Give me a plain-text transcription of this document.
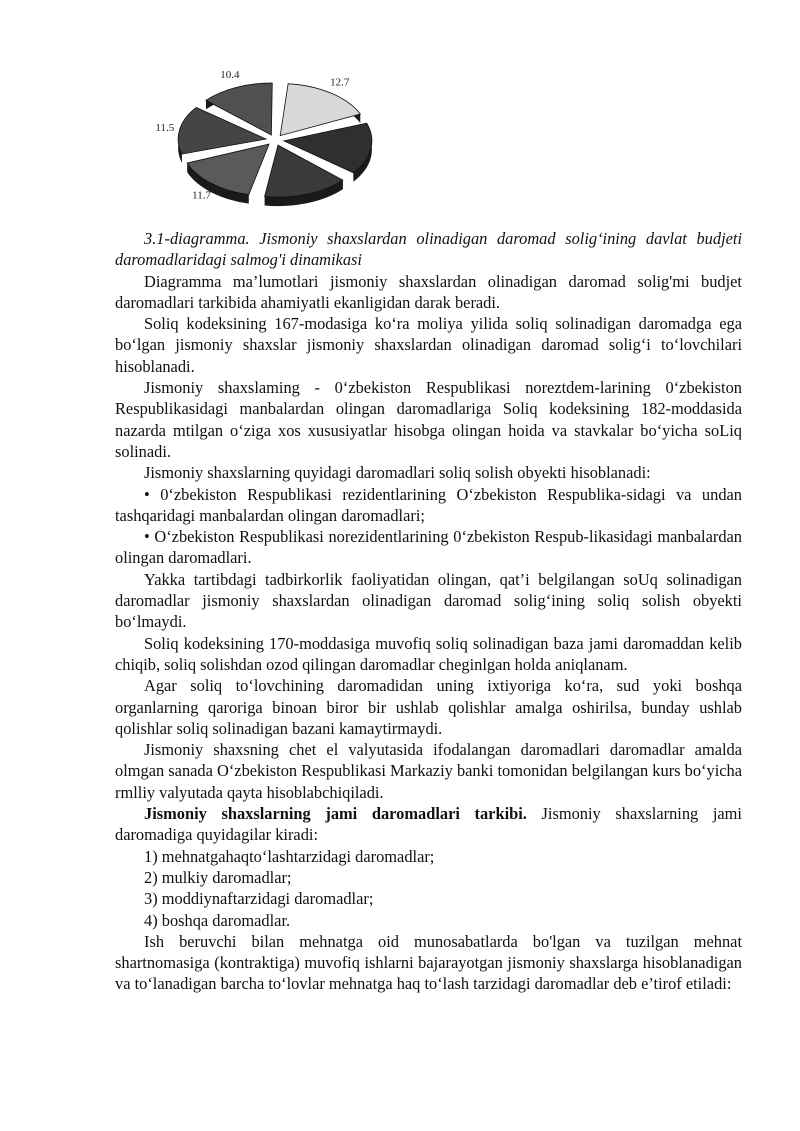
12.7
11.7
11.5
10.4

3.1-diagramma. Jismoniy shaxslardan olinadigan daromad solig‘ining davlat budjeti daromadlaridagi salmog'i dinamikasi

Diagramma ma’lumotlari jismoniy shaxslardan olinadigan daromad solig'mi budjet daromadlari tarkibida ahamiyatli ekanligidan darak beradi.

Soliq kodeksining 167-modasiga ko‘ra moliya yilida soliq solinadigan daromadga ega bo‘lgan jismoniy shaxslar jismoniy shaxslardan olinadigan daromad solig‘i to‘lovchilari hisoblanadi.

Jismoniy shaxslaming - 0‘zbekiston Respublikasi noreztdem-larining 0‘zbekiston Respublikasidagi manbalardan olingan daromadlariga Soliq kodeksining 182-moddasida nazarda mtilgan o‘ziga xos xususiyatlar hisobga olingan hoida va stavkalar bo‘yicha soLiq solinadi.

Jismoniy shaxslarning quyidagi daromadlari soliq solish obyekti hisoblanadi:

• 0‘zbekiston Respublikasi rezidentlarining O‘zbekiston Respublika-sidagi va undan tashqaridagi manbalardan olingan daromadlari;

• O‘zbekiston Respublikasi norezidentlarining 0‘zbekiston Respub-likasidagi manbalardan olingan daromadlari.

Yakka tartibdagi tadbirkorlik faoliyatidan olingan, qat’i belgilangan soUq solinadigan daromadlar jismoniy shaxslardan olinadigan daromad solig‘ining soliq solish obyekti bo‘lmaydi.

Soliq kodeksining 170-moddasiga muvofiq soliq solinadigan baza jami daromaddan kelib chiqib, soliq solishdan ozod qilingan daromadlar cheginlgan holda aniqlanam.

Agar soliq to‘lovchining daromadidan uning ixtiyoriga ko‘ra, sud yoki boshqa organlarning qaroriga binoan biror bir ushlab qolishlar amalga oshirilsa, bunday ushlab qolishlar soliq solinadigan bazani kamaytirmaydi.

Jismoniy shaxsning chet el valyutasida ifodalangan daromadlari daromadlar amalda olmgan sanada O‘zbekiston Respublikasi Markaziy banki tomonidan belgilangan kurs bo‘yicha rmlliy valyutada qayta hisoblabchiqiladi.

Jismoniy shaxslarning jami daromadlari tarkibi. Jismoniy shaxslarning jami daromadiga quyidagilar kiradi:

1) mehnatgahaqto‘lashtarzidagi daromadlar;

2) mulkiy daromadlar;

3) moddiynaftarzidagi daromadlar;

4) boshqa daromadlar.

Ish beruvchi bilan mehnatga oid munosabatlarda bo'lgan va tuzilgan mehnat shartnomasiga (kontraktiga) muvofiq ishlarni bajarayotgan jismoniy shaxslarga hisoblanadigan va to‘lanadigan barcha to‘lovlar mehnatga haq to‘lash tarzidagi daromadlar deb e’tirof etiladi:
